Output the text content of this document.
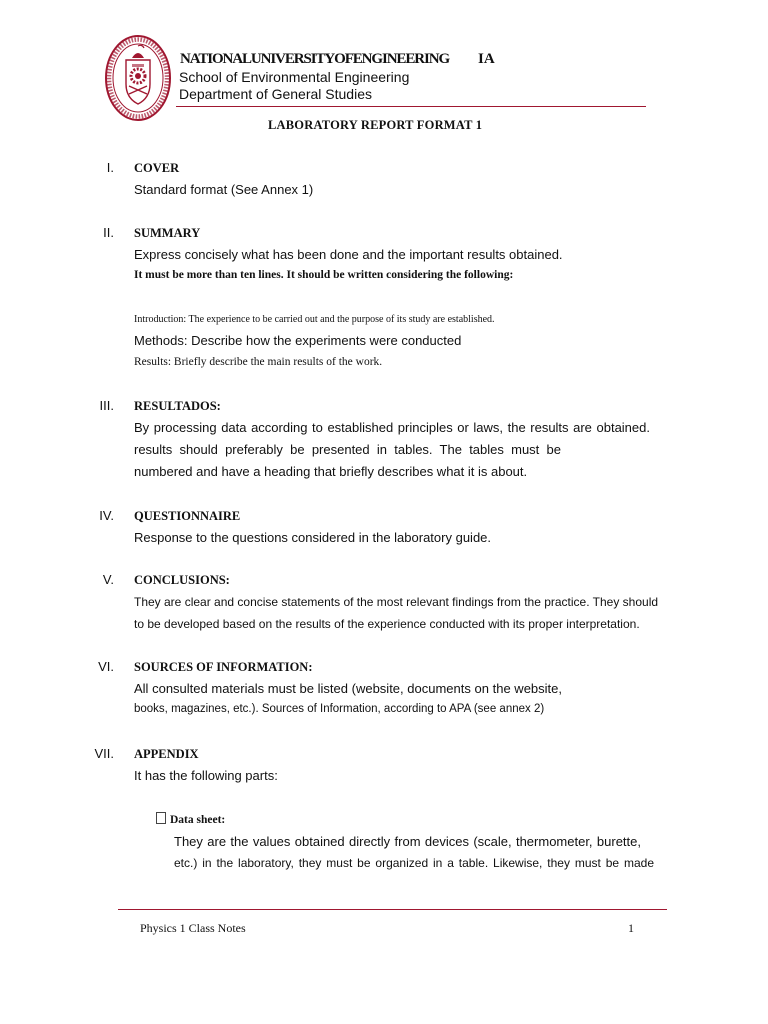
NATIONALUNIVERSITYOFENGINEERING IA
School of Environmental Engineering
Department of General Studies
LABORATORY REPORT FORMAT 1
I. COVER
Standard format (See Annex 1)
II. SUMMARY
Express concisely what has been done and the important results obtained.
It must be more than ten lines. It should be written considering the following:
Introduction: The experience to be carried out and the purpose of its study are established.
Methods: Describe how the experiments were conducted
Results: Briefly describe the main results of the work.
III. RESULTADOS:
By processing data according to established principles or laws, the results are obtained.
results should preferably be presented in tables. The tables must be
numbered and have a heading that briefly describes what it is about.
IV. QUESTIONNAIRE
Response to the questions considered in the laboratory guide.
V. CONCLUSIONS:
They are clear and concise statements of the most relevant findings from the practice. They should
to be developed based on the results of the experience conducted with its proper interpretation.
VI. SOURCES OF INFORMATION:
All consulted materials must be listed (website, documents on the website,
books, magazines, etc.). Sources of Information, according to APA (see annex 2)
VII. APPENDIX
It has the following parts:
Data sheet:
They are the values obtained directly from devices (scale, thermometer, burette,
etc.) in the laboratory, they must be organized in a table. Likewise, they must be made
Physics 1 Class Notes	1
